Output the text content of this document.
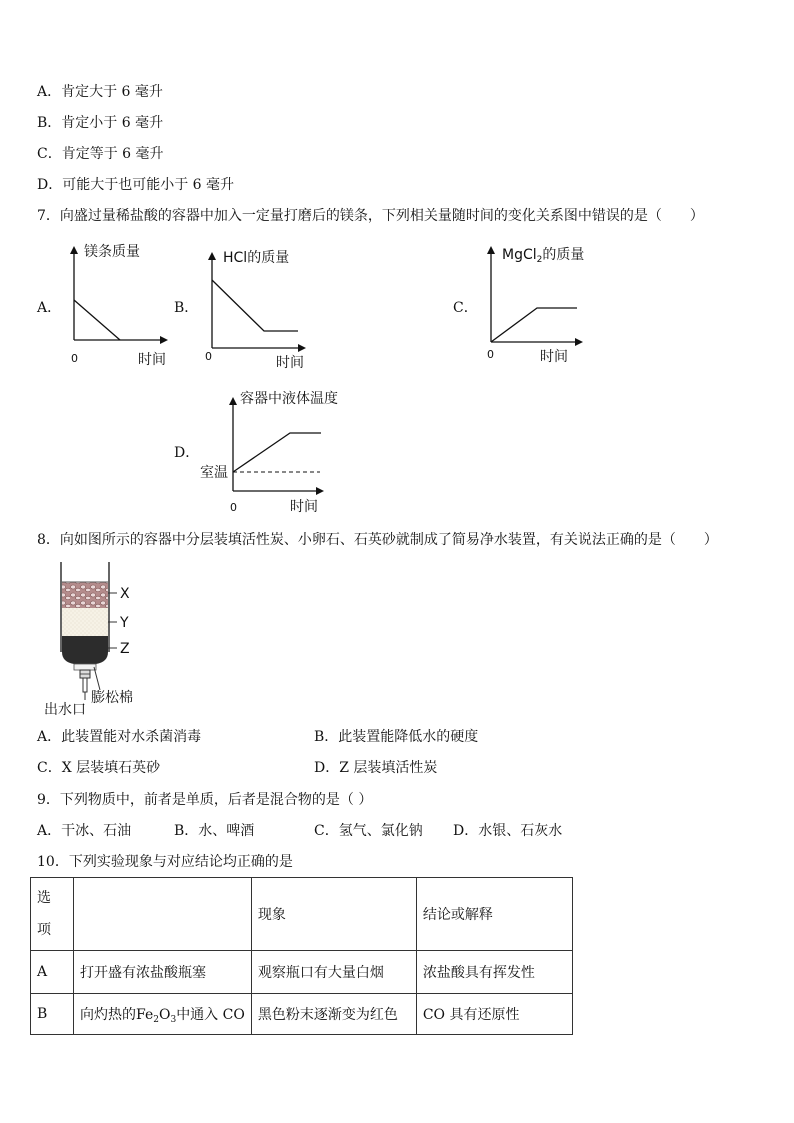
A．肯定大于 6 毫升
B．肯定小于 6 毫升
C．肯定等于 6 毫升
D．可能大于也可能小于 6 毫升
7．向盛过量稀盐酸的容器中加入一定量打磨后的镁条，下列相关量随时间的变化关系图中错误的是（　　）
A．
镁条质量
时间
0
B．
HCl的质量
时间
0
C．
MgCl$_2$的质量
时间
0
D．
容器中液体温度
室温
时间
0
8．向如图所示的容器中分层装填活性炭、小卵石、石英砂就制成了简易净水装置，有关说法正确的是（　　）
X
Y
Z
膨松棉
出水口
A．此装置能对水杀菌消毒	B．此装置能降低水的硬度
C．X 层装填石英砂	D．Z 层装填活性炭
9．下列物质中，前者是单质，后者是混合物的是（ ）
A．干冰、石油	B．水、啤酒	C．氢气、氯化钠 D．水银、石灰水
10．下列实验现象与对应结论均正确的是
选
项		现象	结论或解释
A	打开盛有浓盐酸瓶塞	观察瓶口有大量白烟	浓盐酸具有挥发性
B	向灼热的$Fe_2O_3$中通入 CO	黑色粉末逐渐变为红色	CO 具有还原性
